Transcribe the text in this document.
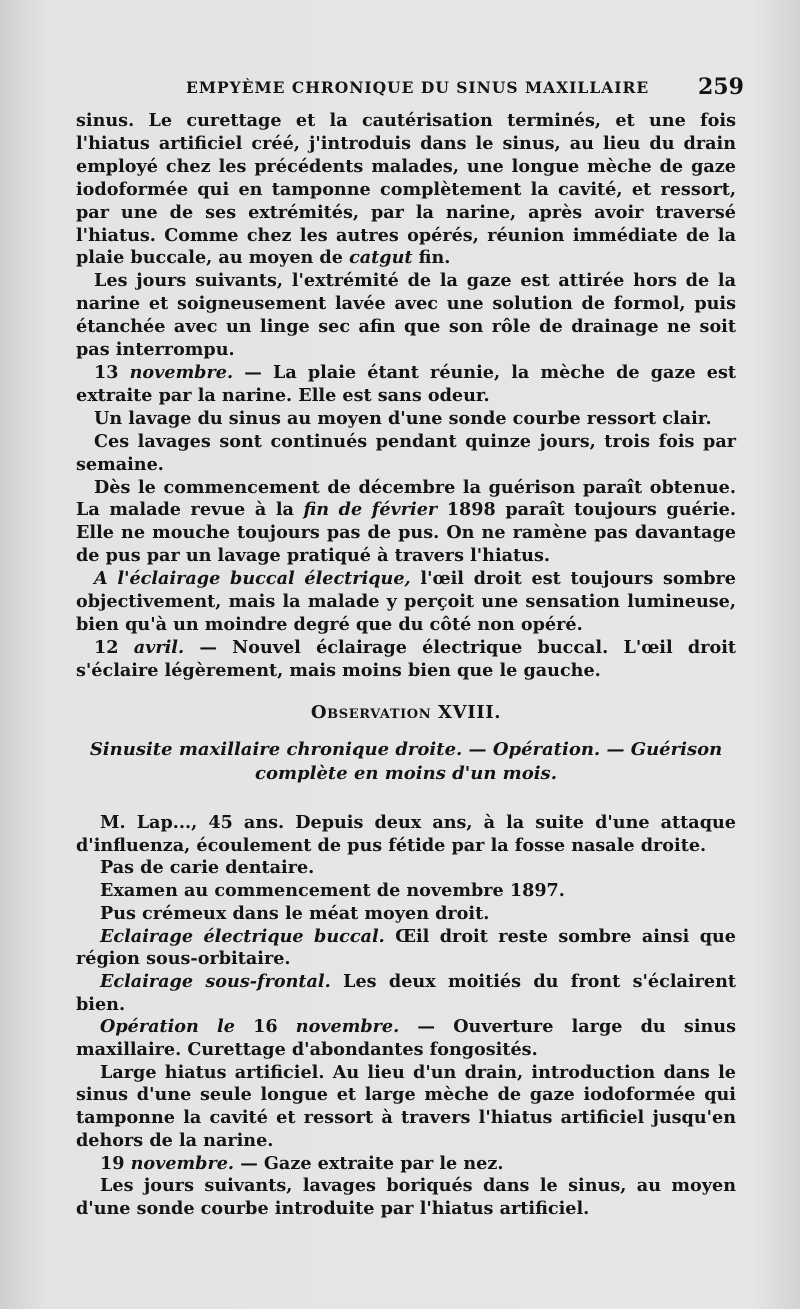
EMPYÈME CHRONIQUE DU SINUS MAXILLAIRE 259

sinus. Le curettage et la cautérisation terminés, et une fois l'hiatus artificiel créé, j'introduis dans le sinus, au lieu du drain employé chez les précédents malades, une longue mèche de gaze iodoformée qui en tamponne complètement la cavité, et ressort, par une de ses extrémités, par la narine, après avoir traversé l'hiatus. Comme chez les autres opérés, réunion immédiate de la plaie buccale, au moyen de catgut fin.

Les jours suivants, l'extrémité de la gaze est attirée hors de la narine et soigneusement lavée avec une solution de formol, puis étanchée avec un linge sec afin que son rôle de drainage ne soit pas interrompu.

13 novembre. — La plaie étant réunie, la mèche de gaze est extraite par la narine. Elle est sans odeur.

Un lavage du sinus au moyen d'une sonde courbe ressort clair.

Ces lavages sont continués pendant quinze jours, trois fois par semaine.

Dès le commencement de décembre la guérison paraît obtenue. La malade revue à la fin de février 1898 paraît toujours guérie. Elle ne mouche toujours pas de pus. On ne ramène pas davantage de pus par un lavage pratiqué à travers l'hiatus.

A l'éclairage buccal électrique, l'œil droit est toujours sombre objectivement, mais la malade y perçoit une sensation lumineuse, bien qu'à un moindre degré que du côté non opéré.

12 avril. — Nouvel éclairage électrique buccal. L'œil droit s'éclaire légèrement, mais moins bien que le gauche.

Observation XVIII.
Sinusite maxillaire chronique droite. — Opération. — Guérison
complète en moins d'un mois.

M. Lap..., 45 ans. Depuis deux ans, à la suite d'une attaque d'influenza, écoulement de pus fétide par la fosse nasale droite.

Pas de carie dentaire.

Examen au commencement de novembre 1897.

Pus crémeux dans le méat moyen droit.

Eclairage électrique buccal. Œil droit reste sombre ainsi que région sous-orbitaire.

Eclairage sous-frontal. Les deux moitiés du front s'éclairent bien.

Opération le 16 novembre. — Ouverture large du sinus maxillaire. Curettage d'abondantes fongosités.

Large hiatus artificiel. Au lieu d'un drain, introduction dans le sinus d'une seule longue et large mèche de gaze iodoformée qui tamponne la cavité et ressort à travers l'hiatus artificiel jusqu'en dehors de la narine.

19 novembre. — Gaze extraite par le nez.

Les jours suivants, lavages boriqués dans le sinus, au moyen d'une sonde courbe introduite par l'hiatus artificiel.
